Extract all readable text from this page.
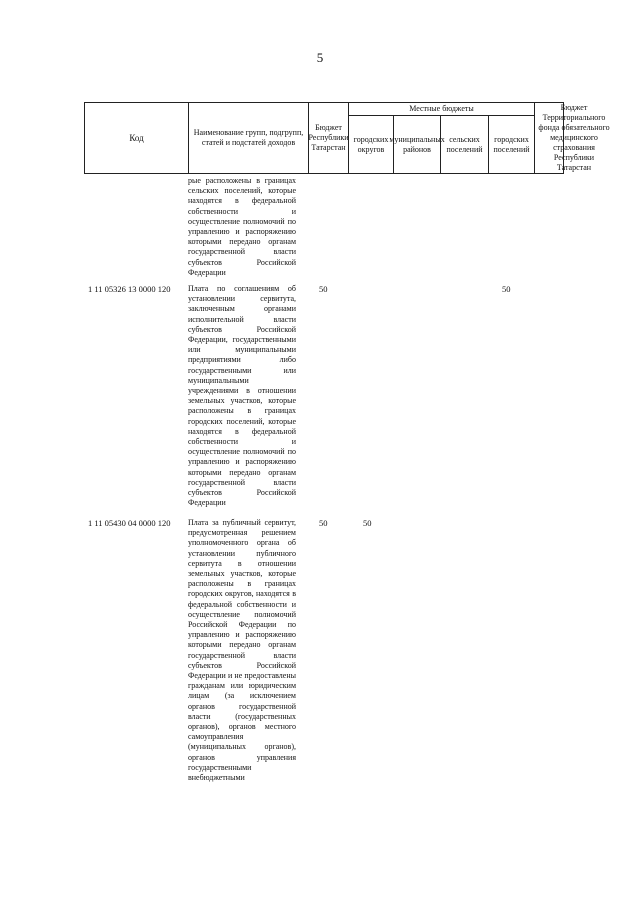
5
Код
Наименование групп, подгрупп, статей и подстатей доходов
Бюджет Республики Татарстан
Местные бюджеты
городских округов
муниципальных районов
сельских поселений
городских поселений
Бюджет Территориального фонда обязательного медицинского страхования Республики Татарстан
рые расположены в границах сельских поселений, которые находятся в федеральной собственности и осуществление полномочий по управлению и распоряжению которыми передано органам государственной власти субъектов Российской Федерации
1 11 05326 13 0000 120 Плата по соглашениям об установлении сервитута, заключенным органами исполнительной власти субъектов Российской Федерации, государственными или муниципальными предприятиями либо государственными или муниципальными учреждениями в отношении земельных участков, которые расположены в границах городских поселений, которые находятся в федеральной собственности и осуществление полномочий по управлению и распоряжению которыми передано органам государственной власти субъектов Российской Федерации
50	50
1 11 05430 04 0000 120 Плата за публичный сервитут, предусмотренная решением уполномоченного органа об установлении публичного сервитута в отношении земельных участков, которые расположены в границах городских округов, находятся в федеральной собственности и осуществление полномочий Российской Федерации по управлению и распоряжению которыми передано органам государственной власти субъектов Российской Федерации и не предоставлены гражданам или юридическим лицам (за исключением органов государственной власти (государственных органов), органов местного самоуправления (муниципальных органов), органов управления государственными внебюджетными
50	50
